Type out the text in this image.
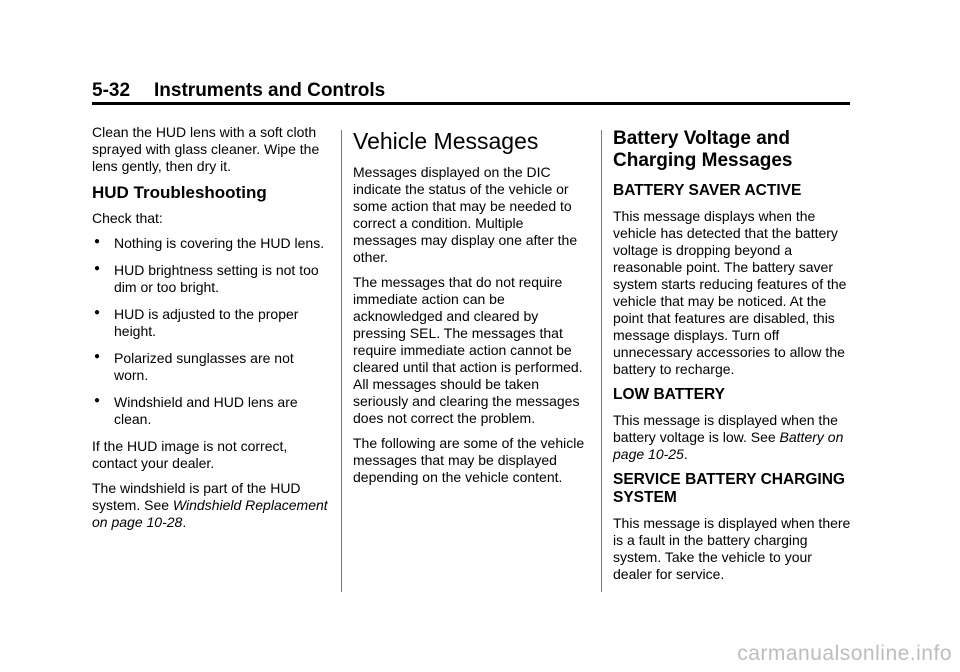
5-32 Instruments and Controls

Clean the HUD lens with a soft cloth sprayed with glass cleaner. Wipe the lens gently, then dry it.

HUD Troubleshooting

Check that:

● Nothing is covering the HUD lens.
● HUD brightness setting is not too dim or too bright.
● HUD is adjusted to the proper height.
● Polarized sunglasses are not worn.
● Windshield and HUD lens are clean.

If the HUD image is not correct, contact your dealer.

The windshield is part of the HUD system. See Windshield Replacement on page 10-28.

Vehicle Messages

Messages displayed on the DIC indicate the status of the vehicle or some action that may be needed to correct a condition. Multiple messages may display one after the other.

The messages that do not require immediate action can be acknowledged and cleared by pressing SEL. The messages that require immediate action cannot be cleared until that action is performed. All messages should be taken seriously and clearing the messages does not correct the problem.

The following are some of the vehicle messages that may be displayed depending on the vehicle content.

Battery Voltage and Charging Messages
BATTERY SAVER ACTIVE

This message displays when the vehicle has detected that the battery voltage is dropping beyond a reasonable point. The battery saver system starts reducing features of the vehicle that may be noticed. At the point that features are disabled, this message displays. Turn off unnecessary accessories to allow the battery to recharge.

LOW BATTERY

This message is displayed when the battery voltage is low. See Battery on page 10-25.

SERVICE BATTERY CHARGING SYSTEM

This message is displayed when there is a fault in the battery charging system. Take the vehicle to your dealer for service.

carmanualsonline.info
